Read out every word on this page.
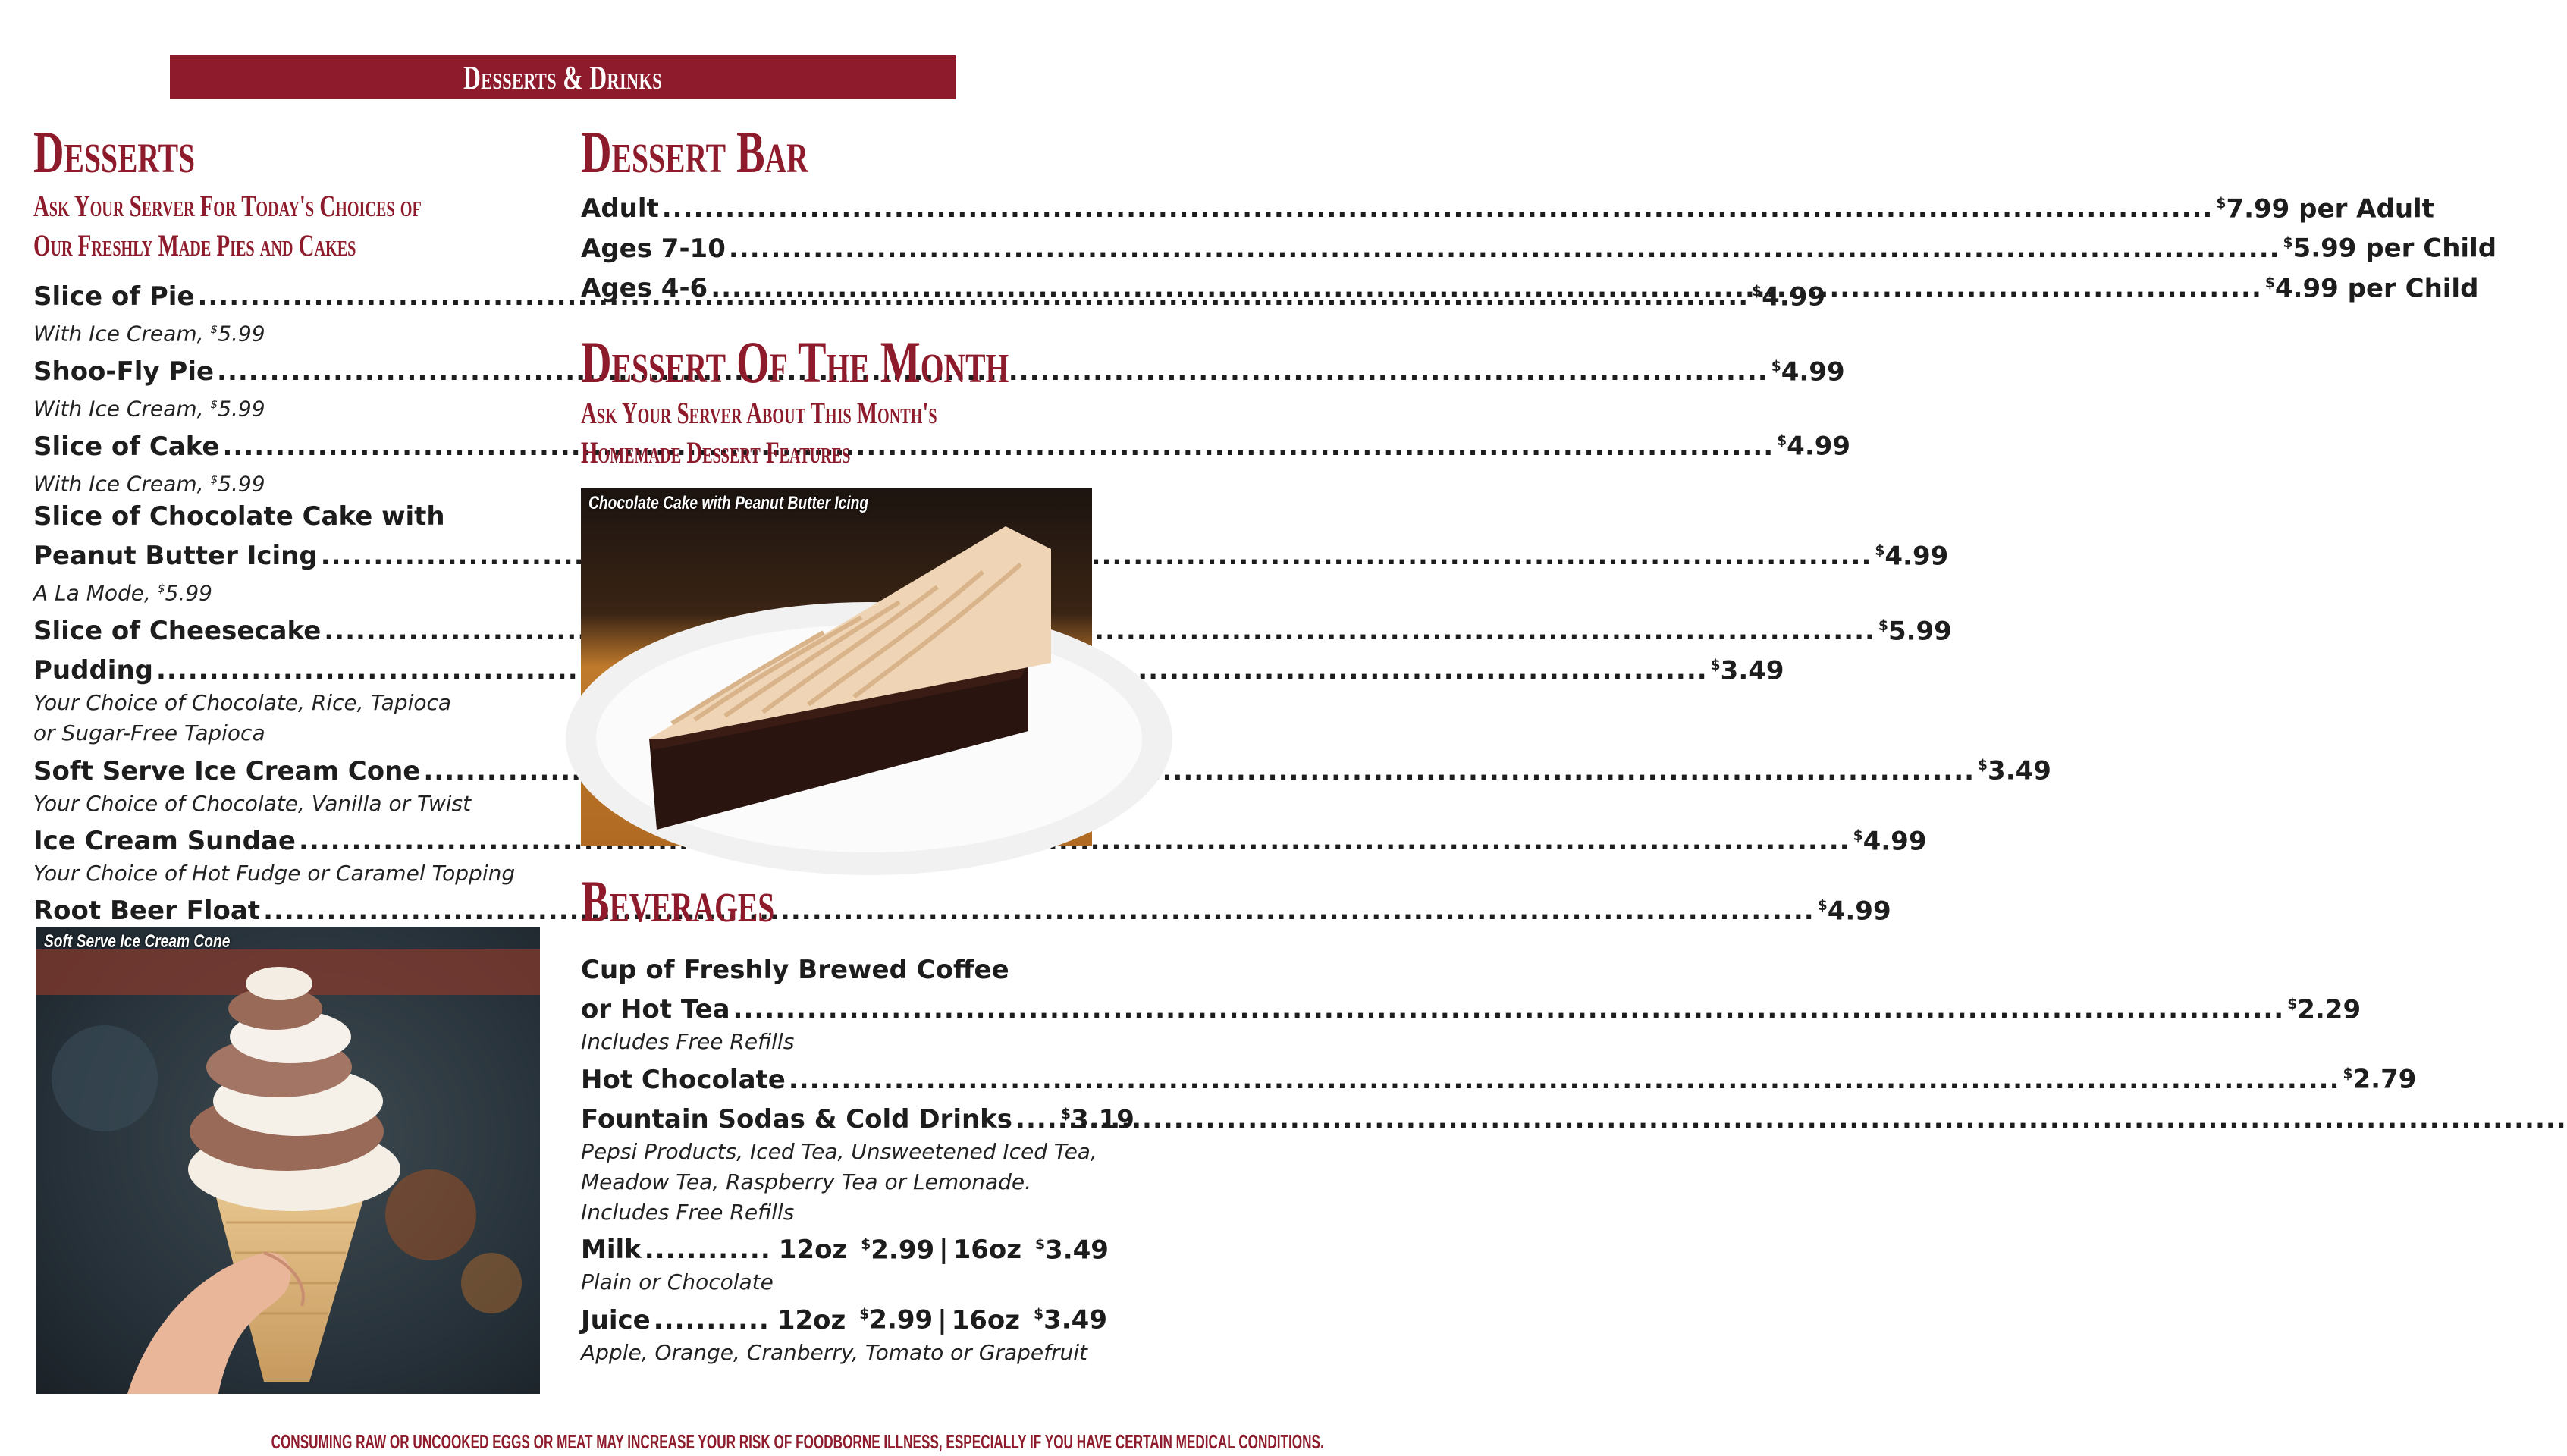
Desserts & Drinks
Desserts
Ask Your Server For Today's Choices of
Our Freshly Made Pies and Cakes
Slice of Pie .....	$4.99
With Ice Cream, $5.99
Shoo-Fly Pie .....	$4.99
With Ice Cream, $5.99
Slice of Cake .....	$4.99
With Ice Cream, $5.99
Slice of Chocolate Cake with
Peanut Butter Icing .....	$4.99
A La Mode, $5.99
Slice of Cheesecake .....	$5.99
Pudding .....	$3.49
Your Choice of Chocolate, Rice, Tapioca
or Sugar-Free Tapioca
Soft Serve Ice Cream Cone .....	$3.49
Your Choice of Chocolate, Vanilla or Twist
Ice Cream Sundae .....	$4.99
Your Choice of Hot Fudge or Caramel Topping
Root Beer Float .....	$4.99
Soft Serve Ice Cream Cone
Dessert Bar
Adult .....	$7.99 per Adult
Ages 7-10 .....	$5.99 per Child
Ages 4-6 .....	$4.99 per Child
Dessert Of The Month
Ask Your Server About This Month's
Homemade Dessert Features
Chocolate Cake with Peanut Butter Icing
Beverages
Cup of Freshly Brewed Coffee
or Hot Tea .....	$2.29
Includes Free Refills
Hot Chocolate .....	$2.79
Fountain Sodas & Cold Drinks .....	$3.19
Pepsi Products, Iced Tea, Unsweetened Iced Tea,
Meadow Tea, Raspberry Tea or Lemonade.
Includes Free Refills
Milk ............ 12oz $2.99 | 16oz $3.49
Plain or Chocolate
Juice ........... 12oz $2.99 | 16oz $3.49
Apple, Orange, Cranberry, Tomato or Grapefruit
CONSUMING RAW OR UNCOOKED EGGS OR MEAT MAY INCREASE YOUR RISK OF FOODBORNE ILLNESS, ESPECIALLY IF YOU HAVE CERTAIN MEDICAL CONDITIONS.
